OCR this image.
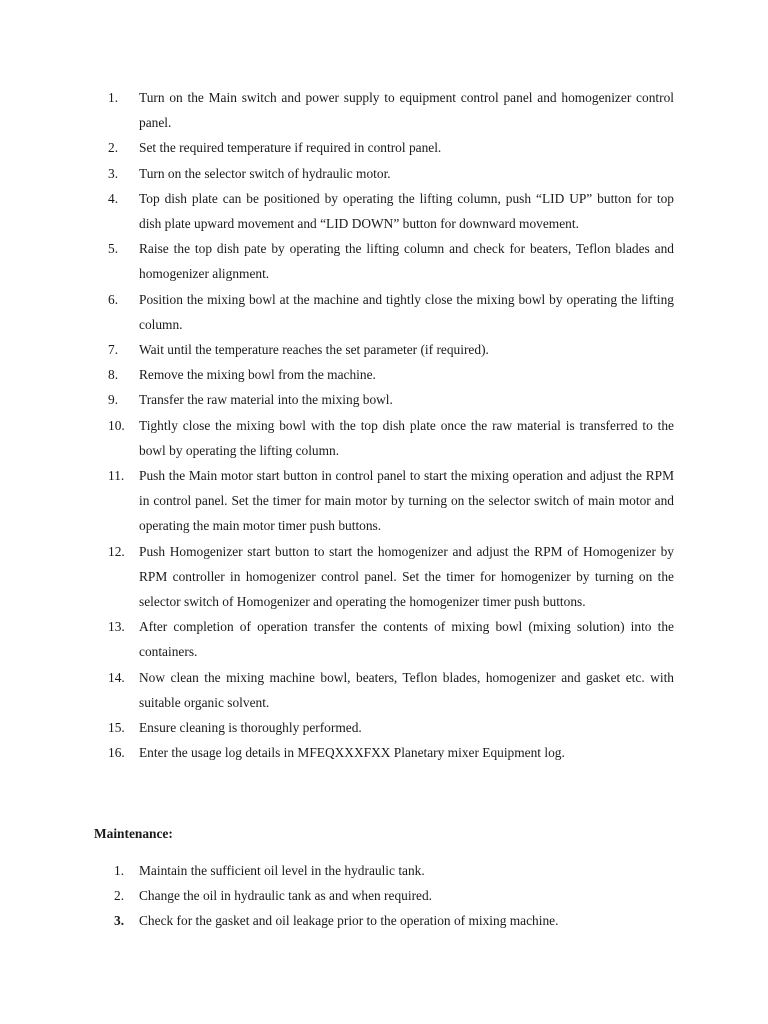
1.	Turn on the Main switch and power supply to equipment control panel and homogenizer control panel.
2.	Set the required temperature if required in control panel.
3.	Turn on the selector switch of hydraulic motor.
4.	Top dish plate can be positioned by operating the lifting column, push “LID UP” button for top dish plate upward movement and “LID DOWN” button for downward movement.
5.	Raise the top dish pate by operating the lifting column and check for beaters, Teflon blades and homogenizer alignment.
6.	Position the mixing bowl at the machine and tightly close the mixing bowl by operating the lifting column.
7.	Wait until the temperature reaches the set parameter (if required).
8.	Remove the mixing bowl from the machine.
9.	Transfer the raw material into the mixing bowl.
10.	Tightly close the mixing bowl with the top dish plate once the raw material is transferred to the bowl by operating the lifting column.
11.	Push the Main motor start button in control panel to start the mixing operation and adjust the RPM in control panel. Set the timer for main motor by turning on the selector switch of main motor and operating the main motor timer push buttons.
12.	Push Homogenizer start button to start the homogenizer and adjust the RPM of Homogenizer by RPM controller in homogenizer control panel. Set the timer for homogenizer by turning on the selector switch of Homogenizer and operating the homogenizer timer push buttons.
13.	After completion of operation transfer the contents of mixing bowl (mixing solution) into the containers.
14.	Now clean the mixing machine bowl, beaters, Teflon blades, homogenizer and gasket etc. with suitable organic solvent.
15.	Ensure cleaning is thoroughly performed.
16.	Enter the usage log details in MFEQXXXFXX Planetary mixer Equipment log.
Maintenance:
1.	Maintain the sufficient oil level in the hydraulic tank.
2.	Change the oil in hydraulic tank as and when required.
3.	Check for the gasket and oil leakage prior to the operation of mixing machine.
